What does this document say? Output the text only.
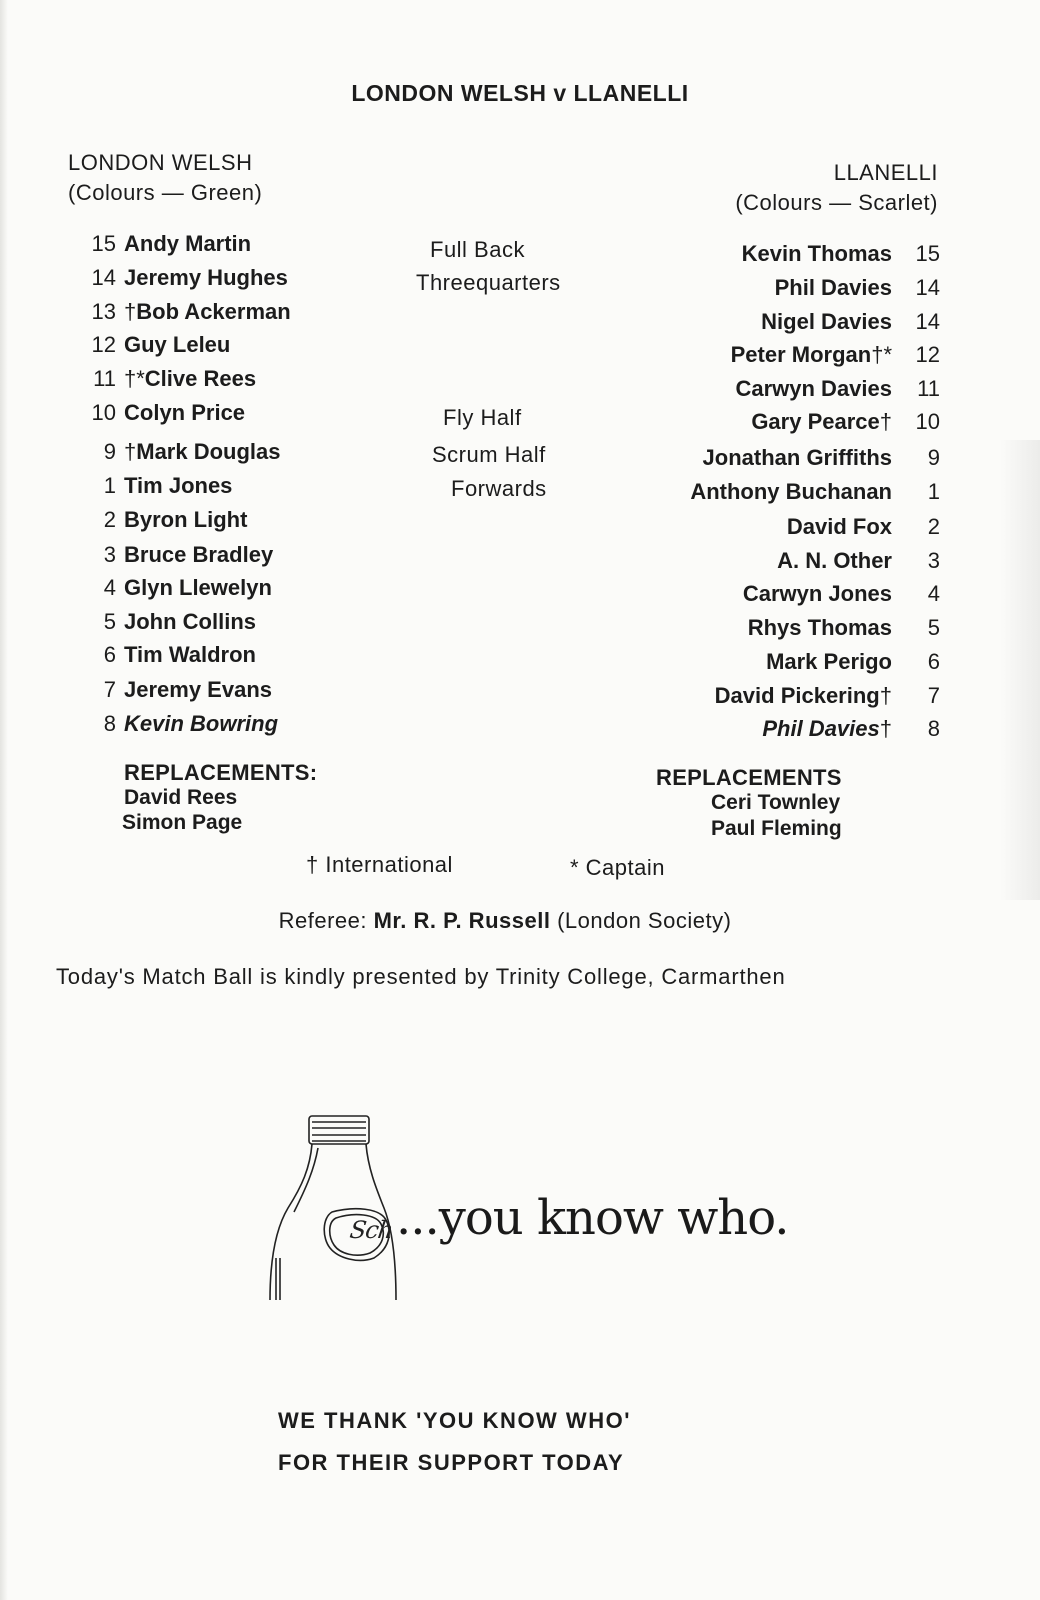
LONDON WELSH v LLANELLI
LONDON WELSH
(Colours — Green)
LLANELLI
(Colours — Scarlet)
15 Andy Martin
14 Jeremy Hughes
13 †Bob Ackerman
12 Guy Leleu
11 †*Clive Rees
10 Colyn Price
9 †Mark Douglas
1 Tim Jones
2 Byron Light
3 Bruce Bradley
4 Glyn Llewelyn
5 John Collins
6 Tim Waldron
7 Jeremy Evans
8 Kevin Bowring
Full Back
Threequarters
Fly Half
Scrum Half
Forwards
Kevin Thomas 15
Phil Davies 14
Nigel Davies 14
Peter Morgan†* 12
Carwyn Davies 11
Gary Pearce† 10
Jonathan Griffiths 9
Anthony Buchanan 1
David Fox 2
A. N. Other 3
Carwyn Jones 4
Rhys Thomas 5
Mark Perigo 6
David Pickering† 7
Phil Davies† 8
REPLACEMENTS:
David Rees
Simon Page
REPLACEMENTS
Ceri Townley
Paul Fleming
† International	* Captain
Referee: Mr. R. P. Russell (London Society)
Today's Match Ball is kindly presented by Trinity College, Carmarthen
Sch ...you know who.
WE THANK 'YOU KNOW WHO'
FOR THEIR SUPPORT TODAY
